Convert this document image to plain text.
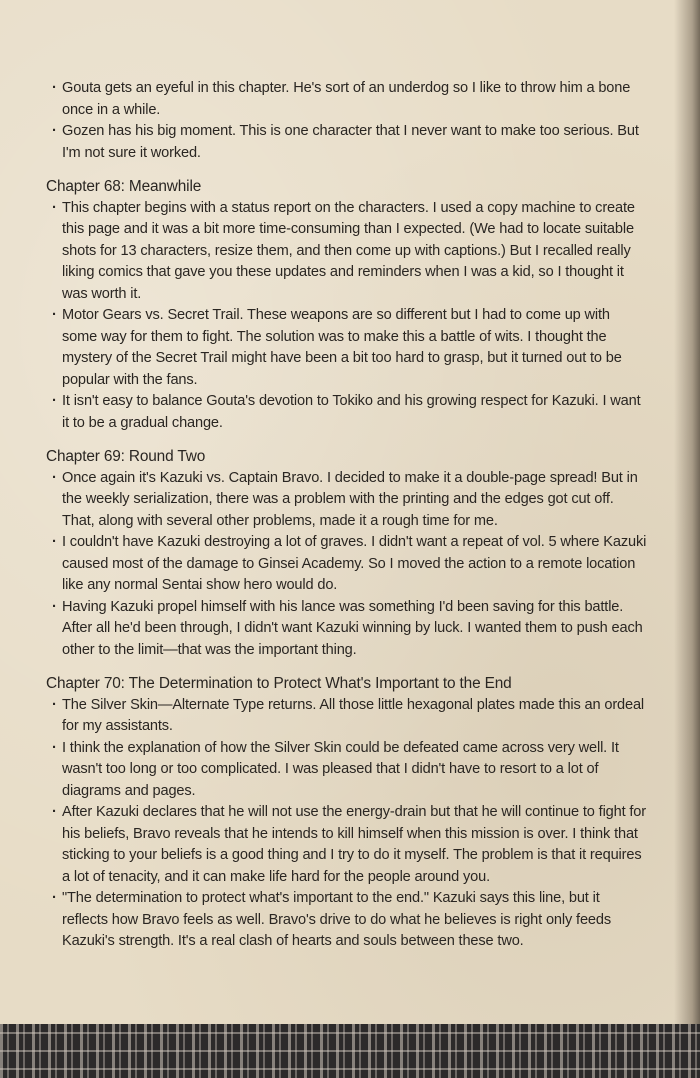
· Gouta gets an eyeful in this chapter. He's sort of an underdog so I like to throw him a bone once in a while.
· Gozen has his big moment. This is one character that I never want to make too serious. But I'm not sure it worked.

Chapter 68: Meanwhile

· This chapter begins with a status report on the characters. I used a copy machine to create this page and it was a bit more time-consuming than I expected. (We had to locate suitable shots for 13 characters, resize them, and then come up with captions.) But I recalled really liking comics that gave you these updates and reminders when I was a kid, so I thought it was worth it.
· Motor Gears vs. Secret Trail. These weapons are so different but I had to come up with some way for them to fight. The solution was to make this a battle of wits. I thought the mystery of the Secret Trail might have been a bit too hard to grasp, but it turned out to be popular with the fans.
· It isn't easy to balance Gouta's devotion to Tokiko and his growing respect for Kazuki. I want it to be a gradual change.

Chapter 69: Round Two

· Once again it's Kazuki vs. Captain Bravo. I decided to make it a double-page spread! But in the weekly serialization, there was a problem with the printing and the edges got cut off. That, along with several other problems, made it a rough time for me.
· I couldn't have Kazuki destroying a lot of graves. I didn't want a repeat of vol. 5 where Kazuki caused most of the damage to Ginsei Academy. So I moved the action to a remote location like any normal Sentai show hero would do.
· Having Kazuki propel himself with his lance was something I'd been saving for this battle. After all he'd been through, I didn't want Kazuki winning by luck. I wanted them to push each other to the limit—that was the important thing.

Chapter 70: The Determination to Protect What's Important to the End

· The Silver Skin—Alternate Type returns. All those little hexagonal plates made this an ordeal for my assistants.
· I think the explanation of how the Silver Skin could be defeated came across very well. It wasn't too long or too complicated. I was pleased that I didn't have to resort to a lot of diagrams and pages.
· After Kazuki declares that he will not use the energy-drain but that he will continue to fight for his beliefs, Bravo reveals that he intends to kill himself when this mission is over. I think that sticking to your beliefs is a good thing and I try to do it myself. The problem is that it requires a lot of tenacity, and it can make life hard for the people around you.
· "The determination to protect what's important to the end." Kazuki says this line, but it reflects how Bravo feels as well. Bravo's drive to do what he believes is right only feeds Kazuki's strength. It's a real clash of hearts and souls between these two.
